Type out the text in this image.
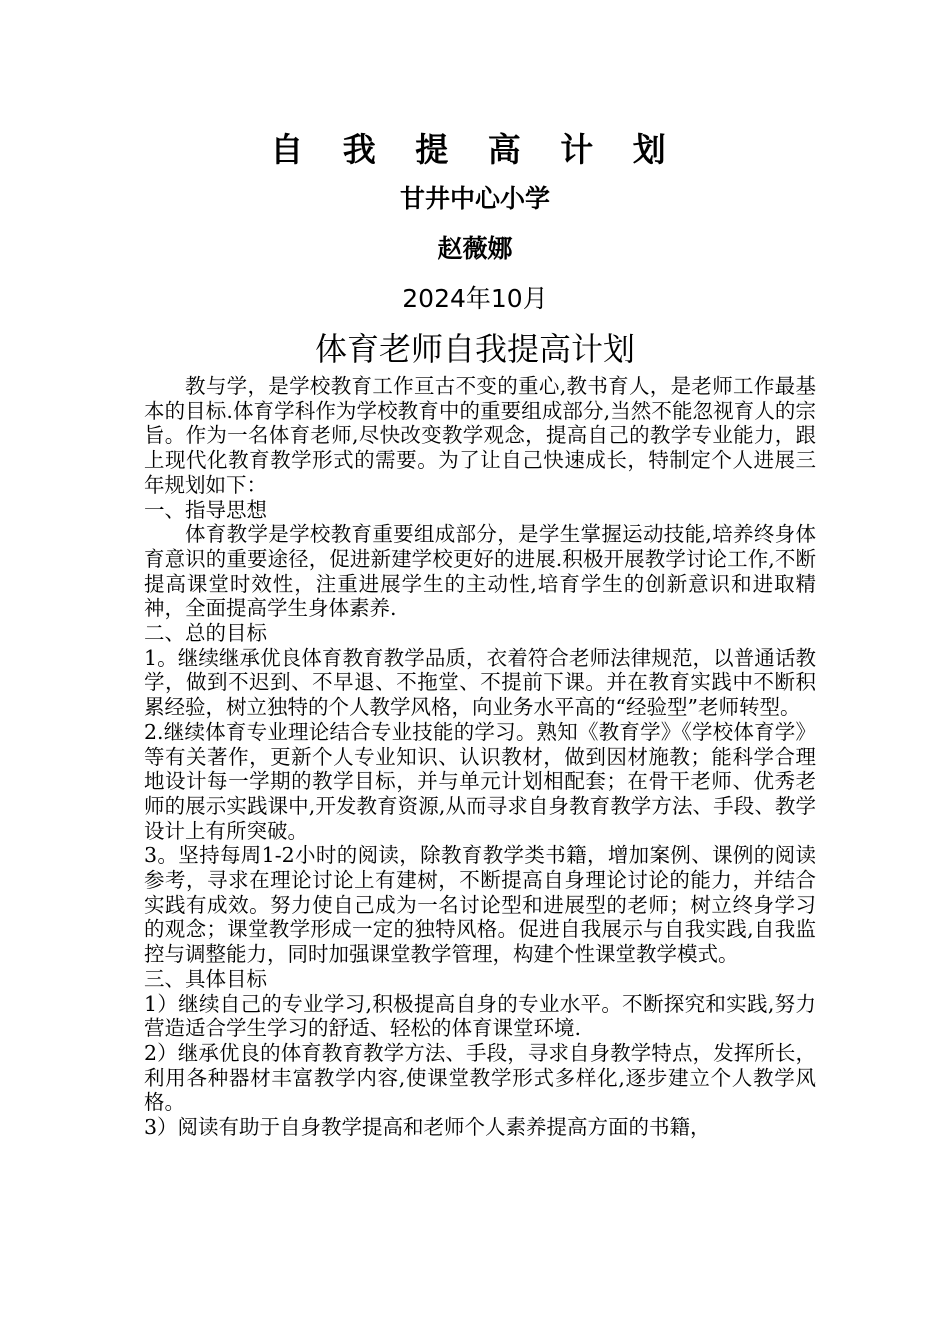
自 我 提 高 计 划
甘井中心小学
赵薇娜
2024年10月
体育老师自我提高计划

教与学，是学校教育工作亘古不变的重心,教书育人，是老师工作最基本的目标.体育学科作为学校教育中的重要组成部分,当然不能忽视育人的宗旨。作为一名体育老师,尽快改变教学观念，提高自己的教学专业能力，跟上现代化教育教学形式的需要。为了让自己快速成长，特制定个人进展三年规划如下：

一、指导思想

体育教学是学校教育重要组成部分，是学生掌握运动技能,培养终身体育意识的重要途径，促进新建学校更好的进展.积极开展教学讨论工作,不断提高课堂时效性，注重进展学生的主动性,培育学生的创新意识和进取精神，全面提高学生身体素养.

二、总的目标

1。继续继承优良体育教育教学品质，衣着符合老师法律规范，以普通话教学，做到不迟到、不早退、不拖堂、不提前下课。并在教育实践中不断积累经验，树立独特的个人教学风格，向业务水平高的“经验型”老师转型。

2.继续体育专业理论结合专业技能的学习。熟知《教育学》《学校体育学》等有关著作，更新个人专业知识、认识教材，做到因材施教；能科学合理地设计每一学期的教学目标，并与单元计划相配套；在骨干老师、优秀老师的展示实践课中,开发教育资源,从而寻求自身教育教学方法、手段、教学设计上有所突破。

3。坚持每周1-2小时的阅读，除教育教学类书籍，增加案例、课例的阅读参考，寻求在理论讨论上有建树，不断提高自身理论讨论的能力，并结合实践有成效。努力使自己成为一名讨论型和进展型的老师；树立终身学习的观念；课堂教学形成一定的独特风格。促进自我展示与自我实践,自我监控与调整能力，同时加强课堂教学管理，构建个性课堂教学模式。

三、具体目标

1）继续自己的专业学习,积极提高自身的专业水平。不断探究和实践,努力营造适合学生学习的舒适、轻松的体育课堂环境.

2）继承优良的体育教育教学方法、手段，寻求自身教学特点，发挥所长，利用各种器材丰富教学内容,使课堂教学形式多样化,逐步建立个人教学风格。

3）阅读有助于自身教学提高和老师个人素养提高方面的书籍，
